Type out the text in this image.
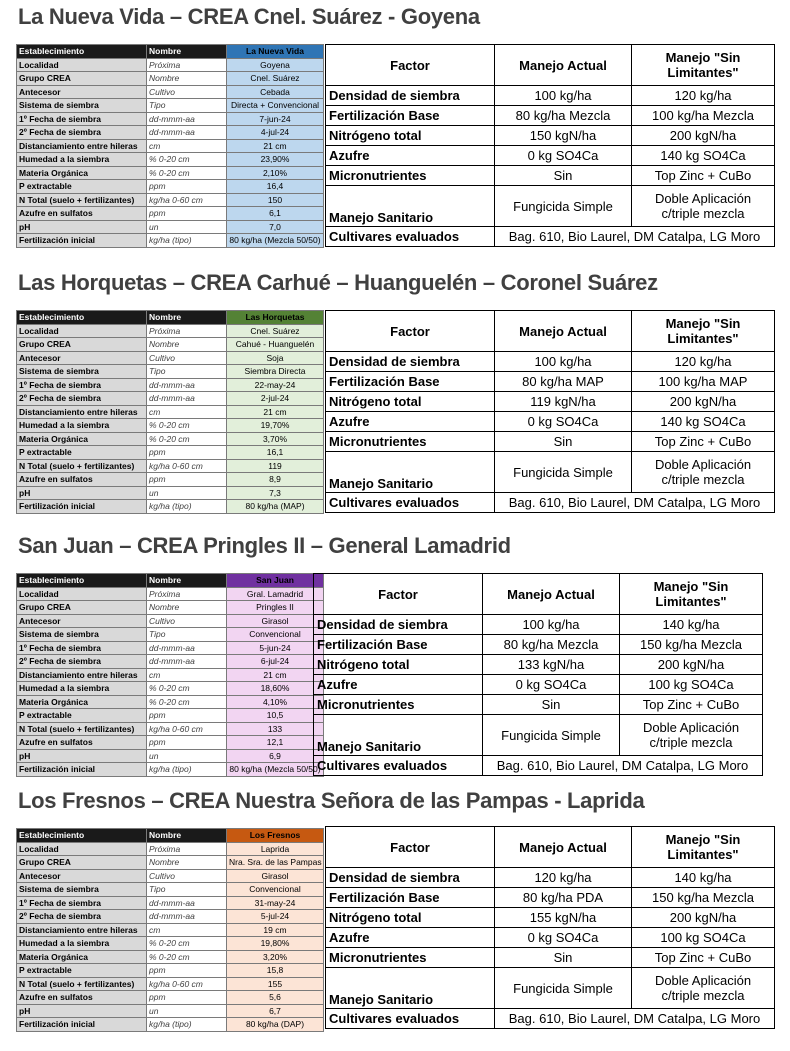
La Nueva Vida – CREA Cnel. Suárez - Goyena
Establecimiento	Nombre	La Nueva Vida
Localidad	Próxima	Goyena
Grupo CREA	Nombre	Cnel. Suárez
Antecesor	Cultivo	Cebada
Sistema de siembra	Tipo	Directa + Convencional
1º Fecha de siembra	dd-mmm-aa	7-jun-24
2º Fecha de siembra	dd-mmm-aa	4-jul-24
Distanciamiento entre hileras	cm	21 cm
Humedad a la siembra	% 0-20 cm	23,90%
Materia Orgánica	% 0-20 cm	2,10%
P extractable	ppm	16,4
N Total (suelo + fertilizantes)	kg/ha 0-60 cm	150
Azufre en sulfatos	ppm	6,1
pH	un	7,0
Fertilización inicial	kg/ha (tipo)	80 kg/ha (Mezcla 50/50)
Factor	Manejo Actual	Manejo "Sin Limitantes"
Densidad de siembra	100 kg/ha	120 kg/ha
Fertilización Base	80 kg/ha Mezcla	100 kg/ha Mezcla
Nitrógeno total	150 kgN/ha	200 kgN/ha
Azufre	0 kg SO4Ca	140 kg SO4Ca
Micronutrientes	Sin	Top Zinc + CuBo
Manejo Sanitario	Fungicida Simple	Doble Aplicación c/triple mezcla
Cultivares evaluados	Bag. 610, Bio Laurel, DM Catalpa, LG Moro	
Las Horquetas – CREA Carhué – Huanguelén – Coronel Suárez
Establecimiento	Nombre	Las Horquetas
Localidad	Próxima	Cnel. Suárez
Grupo CREA	Nombre	Cahué - Huanguelén
Antecesor	Cultivo	Soja
Sistema de siembra	Tipo	Siembra Directa
1º Fecha de siembra	dd-mmm-aa	22-may-24
2º Fecha de siembra	dd-mmm-aa	2-jul-24
Distanciamiento entre hileras	cm	21 cm
Humedad a la siembra	% 0-20 cm	19,70%
Materia Orgánica	% 0-20 cm	3,70%
P extractable	ppm	16,1
N Total (suelo + fertilizantes)	kg/ha 0-60 cm	119
Azufre en sulfatos	ppm	8,9
pH	un	7,3
Fertilización inicial	kg/ha (tipo)	80 kg/ha (MAP)
Factor	Manejo Actual	Manejo "Sin Limitantes"
Densidad de siembra	100 kg/ha	120 kg/ha
Fertilización Base	80 kg/ha MAP	100 kg/ha MAP
Nitrógeno total	119 kgN/ha	200 kgN/ha
Azufre	0 kg SO4Ca	140 kg SO4Ca
Micronutrientes	Sin	Top Zinc + CuBo
Manejo Sanitario	Fungicida Simple	Doble Aplicación c/triple mezcla
Cultivares evaluados	Bag. 610, Bio Laurel, DM Catalpa, LG Moro	
San Juan – CREA Pringles II – General Lamadrid
Establecimiento	Nombre	San Juan
Localidad	Próxima	Gral. Lamadrid
Grupo CREA	Nombre	Pringles II
Antecesor	Cultivo	Girasol
Sistema de siembra	Tipo	Convencional
1º Fecha de siembra	dd-mmm-aa	5-jun-24
2º Fecha de siembra	dd-mmm-aa	6-jul-24
Distanciamiento entre hileras	cm	21 cm
Humedad a la siembra	% 0-20 cm	18,60%
Materia Orgánica	% 0-20 cm	4,10%
P extractable	ppm	10,5
N Total (suelo + fertilizantes)	kg/ha 0-60 cm	133
Azufre en sulfatos	ppm	12,1
pH	un	6,9
Fertilización inicial	kg/ha (tipo)	80 kg/ha (Mezcla 50/50)
Factor	Manejo Actual	Manejo "Sin Limitantes"
Densidad de siembra	100 kg/ha	140 kg/ha
Fertilización Base	80 kg/ha Mezcla	150 kg/ha Mezcla
Nitrógeno total	133 kgN/ha	200 kgN/ha
Azufre	0 kg SO4Ca	100 kg SO4Ca
Micronutrientes	Sin	Top Zinc + CuBo
Manejo Sanitario	Fungicida Simple	Doble Aplicación c/triple mezcla
Cultivares evaluados	Bag. 610, Bio Laurel, DM Catalpa, LG Moro	
Los Fresnos – CREA Nuestra Señora de las Pampas - Laprida
Establecimiento	Nombre	Los Fresnos
Localidad	Próxima	Laprida
Grupo CREA	Nombre	Nra. Sra. de las Pampas
Antecesor	Cultivo	Girasol
Sistema de siembra	Tipo	Convencional
1º Fecha de siembra	dd-mmm-aa	31-may-24
2º Fecha de siembra	dd-mmm-aa	5-jul-24
Distanciamiento entre hileras	cm	19 cm
Humedad a la siembra	% 0-20 cm	19,80%
Materia Orgánica	% 0-20 cm	3,20%
P extractable	ppm	15,8
N Total (suelo + fertilizantes)	kg/ha 0-60 cm	155
Azufre en sulfatos	ppm	5,6
pH	un	6,7
Fertilización inicial	kg/ha (tipo)	80 kg/ha (DAP)
Factor	Manejo Actual	Manejo "Sin Limitantes"
Densidad de siembra	120 kg/ha	140 kg/ha
Fertilización Base	80 kg/ha PDA	150 kg/ha Mezcla
Nitrógeno total	155 kgN/ha	200 kgN/ha
Azufre	0 kg SO4Ca	100 kg SO4Ca
Micronutrientes	Sin	Top Zinc + CuBo
Manejo Sanitario	Fungicida Simple	Doble Aplicación c/triple mezcla
Cultivares evaluados	Bag. 610, Bio Laurel, DM Catalpa, LG Moro	
